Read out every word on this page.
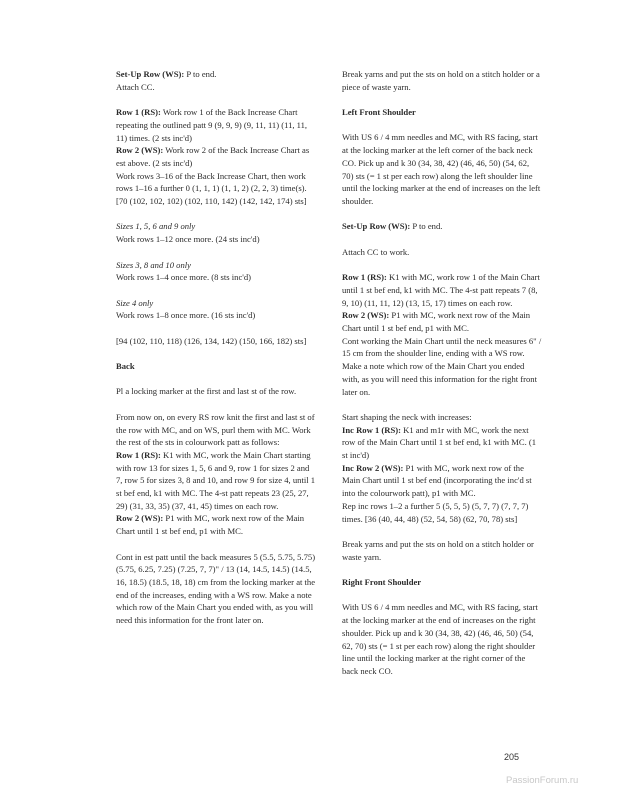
Set-Up Row (WS): P to end.

Attach CC.

Row 1 (RS): Work row 1 of the Back Increase Chart repeating the outlined patt 9 (9, 9, 9) (9, 11, 11) (11, 11, 11) times. (2 sts inc'd)

Row 2 (WS): Work row 2 of the Back Increase Chart as est above. (2 sts inc'd)

Work rows 3–16 of the Back Increase Chart, then work rows 1–16 a further 0 (1, 1, 1) (1, 1, 2) (2, 2, 3) time(s). [70 (102, 102, 102) (102, 110, 142) (142, 142, 174) sts]

Sizes 1, 5, 6 and 9 only

Work rows 1–12 once more. (24 sts inc'd)

Sizes 3, 8 and 10 only

Work rows 1–4 once more. (8 sts inc'd)

Size 4 only

Work rows 1–8 once more. (16 sts inc'd)

[94 (102, 110, 118) (126, 134, 142) (150, 166, 182) sts]

Back

Pl a locking marker at the first and last st of the row.

From now on, on every RS row knit the first and last st of the row with MC, and on WS, purl them with MC. Work the rest of the sts in colourwork patt as follows:

Row 1 (RS): K1 with MC, work the Main Chart starting with row 13 for sizes 1, 5, 6 and 9, row 1 for sizes 2 and 7, row 5 for sizes 3, 8 and 10, and row 9 for size 4, until 1 st bef end, k1 with MC. The 4-st patt repeats 23 (25, 27, 29) (31, 33, 35) (37, 41, 45) times on each row.

Row 2 (WS): P1 with MC, work next row of the Main Chart until 1 st bef end, p1 with MC.

Cont in est patt until the back measures 5 (5.5, 5.75, 5.75) (5.75, 6.25, 7.25) (7.25, 7, 7)" / 13 (14, 14.5, 14.5) (14.5, 16, 18.5) (18.5, 18, 18) cm from the locking marker at the end of the increases, ending with a WS row. Make a note which row of the Main Chart you ended with, as you will need this information for the front later on.

Break yarns and put the sts on hold on a stitch holder or a piece of waste yarn.

Left Front Shoulder

With US 6 / 4 mm needles and MC, with RS facing, start at the locking marker at the left corner of the back neck CO. Pick up and k 30 (34, 38, 42) (46, 46, 50) (54, 62, 70) sts (= 1 st per each row) along the left shoulder line until the locking marker at the end of increases on the left shoulder.

Set-Up Row (WS): P to end.

Attach CC to work.

Row 1 (RS): K1 with MC, work row 1 of the Main Chart until 1 st bef end, k1 with MC. The 4-st patt repeats 7 (8, 9, 10) (11, 11, 12) (13, 15, 17) times on each row.

Row 2 (WS): P1 with MC, work next row of the Main Chart until 1 st bef end, p1 with MC.

Cont working the Main Chart until the neck measures 6" / 15 cm from the shoulder line, ending with a WS row. Make a note which row of the Main Chart you ended with, as you will need this information for the right front later on.

Start shaping the neck with increases:

Inc Row 1 (RS): K1 and m1r with MC, work the next row of the Main Chart until 1 st bef end, k1 with MC. (1 st inc'd)

Inc Row 2 (WS): P1 with MC, work next row of the Main Chart until 1 st bef end (incorporating the inc'd st into the colourwork patt), p1 with MC.

Rep inc rows 1–2 a further 5 (5, 5, 5) (5, 7, 7) (7, 7, 7) times. [36 (40, 44, 48) (52, 54, 58) (62, 70, 78) sts]

Break yarns and put the sts on hold on a stitch holder or waste yarn.

Right Front Shoulder

With US 6 / 4 mm needles and MC, with RS facing, start at the locking marker at the end of increases on the right shoulder. Pick up and k 30 (34, 38, 42) (46, 46, 50) (54, 62, 70) sts (= 1 st per each row) along the right shoulder line until the locking marker at the right corner of the back neck CO.

205
PassionForum.ru
